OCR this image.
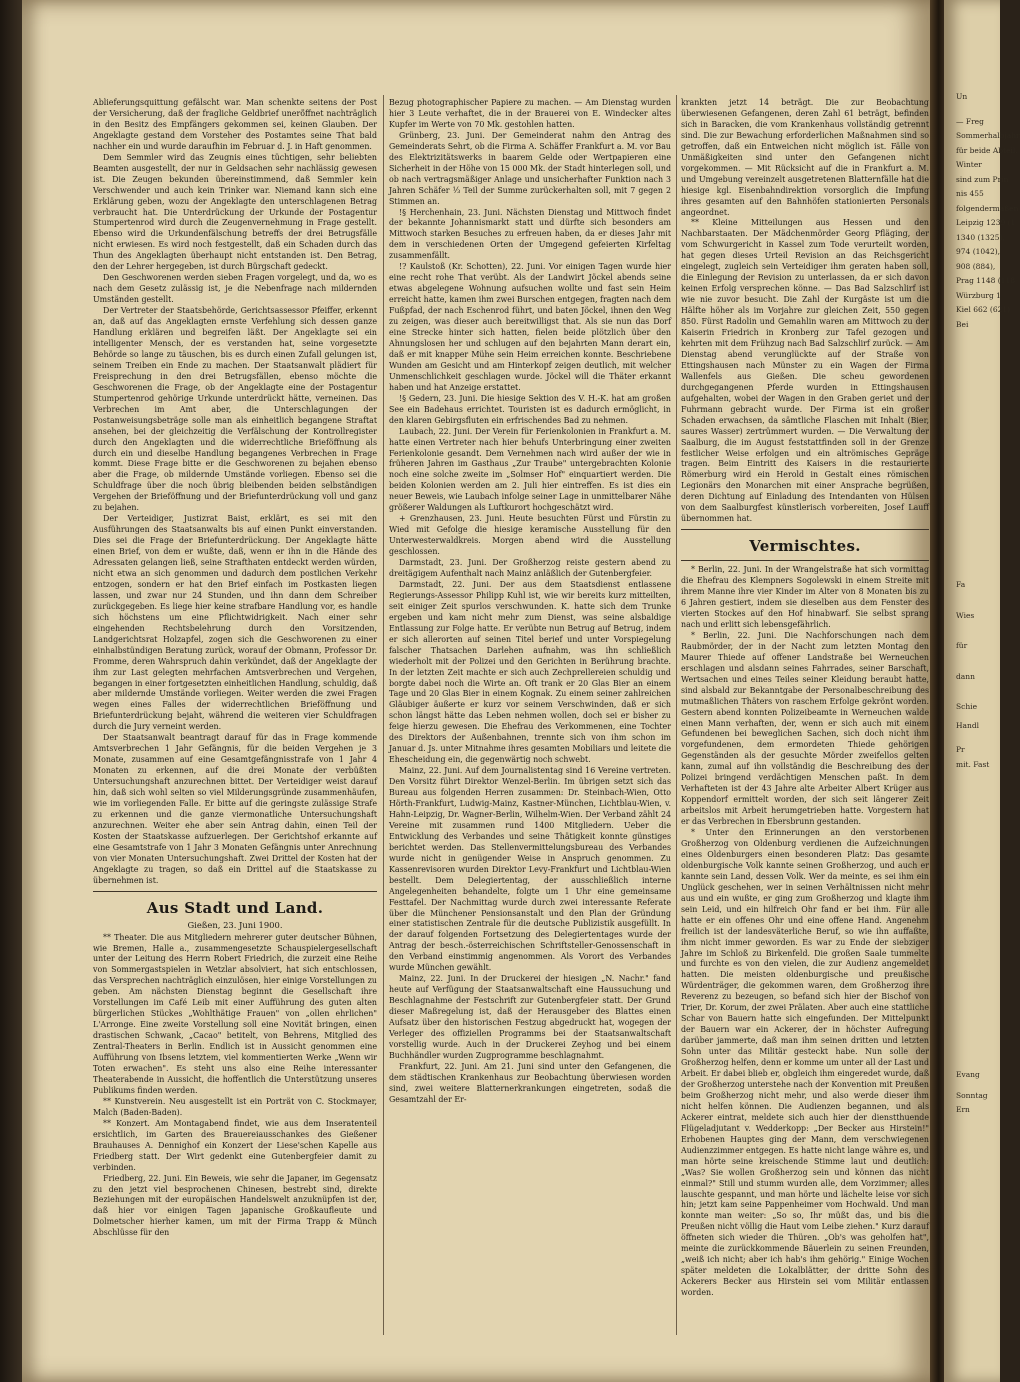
Ablieferungsquittung gefälscht war. Man schenkte seitens der Post der Versicherung, daß der fragliche Geldbrief unerö̈ffnet nachträglich in den Besitz des Empfängers gekommen sei, keinen Glauben. Der Angeklagte gestand dem Vorsteher des Postamtes seine That bald nachher ein und wurde daraufhin im Februar d. J. in Haft genommen.

Dem Semmler wird das Zeugnis eines tüchtigen, sehr beliebten Beamten ausgestellt, der nur in Geldsachen sehr nachlässig gewesen ist. Die Zeugen bekunden übereinstimmend, daß Semmler kein Verschwender und auch kein Trinker war. Niemand kann sich eine Erklärung geben, wozu der Angeklagte den unterschlagenen Betrag verbraucht hat. Die Unterdrückung der Urkunde der Postagentur Stumpertenrod wird durch die Zeugenvernehmung in Frage gestellt. Ebenso wird die Urkundenfälschung betreffs der drei Betrugsfälle nicht erwiesen. Es wird noch festgestellt, daß ein Schaden durch das Thun des Angeklagten überhaupt nicht entstanden ist. Den Betrag, den der Lehrer hergegeben, ist durch Bürgschaft gedeckt.

Den Geschworenen werden sieben Fragen vorgelegt, und da, wo es nach dem Gesetz zulässig ist, je die Nebenfrage nach mildernden Umständen gestellt.

Der Vertreter der Staatsbehörde, Gerichtsassessor Pfeiffer, erkennt an, daß auf das Angeklagten ernste Verfehlung sich dessen ganze Handlung erklären und begreifen läßt. Der Angeklagte sei ein intelligenter Mensch, der es verstanden hat, seine vorgesetzte Behörde so lange zu täuschen, bis es durch einen Zufall gelungen ist, seinem Treiben ein Ende zu machen. Der Staatsanwalt plädiert für Freisprechung in den drei Betrugsfällen, ebenso möchte die Geschworenen die Frage, ob der Angeklagte eine der Postagentur Stumpertenrod gehörige Urkunde unterdrückt hätte, verneinen. Das Verbrechen im Amt aber, die Unterschlagungen der Postanweisungsbeträge solle man als einheitlich begangene Straftat ansehen, bei der gleichzeitig die Verfälschung der Kontrollregister durch den Angeklagten und die widerrechtliche Brieföffnung als durch ein und dieselbe Handlung begangenes Verbrechen in Frage kommt. Diese Frage bitte er die Geschworenen zu bejahen ebenso aber die Frage, ob mildernde Umstände vorliegen. Ebenso sei die Schuldfrage über die noch übrig bleibenden beiden selbständigen Vergehen der Brieföffnung und der Briefunterdrückung voll und ganz zu bejahen.

Der Verteidiger, Justizrat Baist, erklärt, es sei mit den Ausführungen des Staatsanwalts bis auf einen Punkt einverstanden. Dies sei die Frage der Briefunterdrückung. Der Angeklagte hätte einen Brief, von dem er wußte, daß, wenn er ihn in die Hände des Adressaten gelangen ließ, seine Strafthaten entdeckt werden würden, nicht etwa an sich genommen und dadurch dem postlichen Verkehr entzogen, sondern er hat den Brief einfach im Postkasten liegen lassen, und zwar nur 24 Stunden, und ihn dann dem Schreiber zurückgegeben. Es liege hier keine strafbare Handlung vor, es handle sich höchstens um eine Pflichtwidrigkeit. Nach einer sehr eingehenden Rechtsbelehrung durch den Vorsitzenden, Landgerichtsrat Holzapfel, zogen sich die Geschworenen zu einer einhalbstündigen Beratung zurück, worauf der Obmann, Professor Dr. Fromme, deren Wahrspruch dahin verkündet, daß der Angeklagte der ihm zur Last gelegten mehrfachen Amtsverbrechen und Vergehen, begangen in einer fortgesetzten einheitlichen Handlung, schuldig, daß aber mildernde Umstände vorliegen. Weiter werden die zwei Fragen wegen eines Falles der widerrechtlichen Brieföffnung und Briefunterdrückung bejaht, während die weiteren vier Schuldfragen durch die Jury verneint werden.

Der Staatsanwalt beantragt darauf für das in Frage kommende Amtsverbrechen 1 Jahr Gefängnis, für die beiden Vergehen je 3 Monate, zusammen auf eine Gesamtgefängnisstrafe von 1 Jahr 4 Monaten zu erkennen, auf die drei Monate der verbüßten Untersuchungshaft anzurechnen bittet. Der Verteidiger weist darauf hin, daß sich wohl selten so viel Milderungsgründe zusammenhäufen, wie im vorliegenden Falle. Er bitte auf die geringste zulässige Strafe zu erkennen und die ganze viermonatliche Untersuchungshaft anzurechnen. Weiter ehe aber sein Antrag dahin, einen Teil der Kosten der Staatskasse aufzuerlegen. Der Gerichtshof erkannte auf eine Gesamtstrafe von 1 Jahr 3 Monaten Gefängnis unter Anrechnung von vier Monaten Untersuchungshaft. Zwei Drittel der Kosten hat der Angeklagte zu tragen, so daß ein Drittel auf die Staatskasse zu übernehmen ist.

Aus Stadt und Land.
Gießen, 23. Juni 1900.

** Theater. Die aus Mitgliedern mehrerer guter deutscher Bühnen, wie Bremen, Halle a., zusammengesetzte Schauspielergesellschaft unter der Leitung des Herrn Robert Friedrich, die zurzeit eine Reihe von Sommergastspielen in Wetzlar absolviert, hat sich entschlossen, das Versprechen nachträglich einzulösen, hier einige Vorstellungen zu geben. Am nächsten Dienstag beginnt die Gesellschaft ihre Vorstellungen im Café Leib mit einer Aufführung des guten alten bürgerlichen Stückes „Wohlthätige Frauen" von „ollen ehrlichen" L'Arronge. Eine zweite Vorstellung soll eine Novität bringen, einen drastischen Schwank, „Cacao" betitelt, von Behrens, Mitglied des Zentral-Theaters in Berlin. Endlich ist in Aussicht genommen eine Aufführung von Ibsens letztem, viel kommentierten Werke „Wenn wir Toten erwachen". Es steht uns also eine Reihe interessanter Theaterabende in Aussicht, die hoffentlich die Unterstützung unseres Publikums finden werden.

** Kunstverein. Neu ausgestellt ist ein Porträt von C. Stockmayer, Malch (Baden-Baden).

** Konzert. Am Montagabend findet, wie aus dem Inseratenteil ersichtlich, im Garten des Brauereiausschankes des Gießener Brauhauses A. Dennighof ein Konzert der Liese'schen Kapelle aus Friedberg statt. Der Wirt gedenkt eine Gutenbergfeier damit zu verbinden.

Friedberg, 22. Juni. Ein Beweis, wie sehr die Japaner, im Gegensatz zu den jetzt viel besprochenen Chinesen, bestrebt sind, direkte Beziehungen mit der europäischen Handelswelt anzuknüpfen ist der, daß hier vor einigen Tagen japanische Großkaufleute und Dolmetscher hierher kamen, um mit der Firma Trapp & Münch Abschlüsse für den

Bezug photographischer Papiere zu machen. — Am Dienstag wurden hier 3 Leute verhaftet, die in der Brauerei von E. Windecker altes Kupfer im Werte von 70 Mk. gestohlen hatten.

Grünberg, 23. Juni. Der Gemeinderat nahm den Antrag des Gemeinderats Sehrt, ob die Firma A. Schäffer Frankfurt a. M. vor Bau des Elektrizitätswerks in baarem Gelde oder Wertpapieren eine Sicherheit in der Höhe von 15 000 Mk. der Stadt hinterlegen soll, und ob nach vertragsmäßiger Anlage und unsicherhafter Funktion nach 3 Jahren Schäfer ⅓ Teil der Summe zurückerhalten soll, mit 7 gegen 2 Stimmen an.

!§ Herchenhain, 23. Juni. Nächsten Dienstag und Mittwoch findet der bekannte Johannismarkt statt und dürfte sich besonders am Mittwoch starken Besuches zu erfreuen haben, da er dieses Jahr mit dem in verschiedenen Orten der Umgegend gefeierten Kirfeltag zusammenfällt.

!? Kaulstoß (Kr. Schotten), 22. Juni. Vor einigen Tagen wurde hier eine recht rohe That verübt. Als der Landwirt Jöckel abends seine etwas abgelegene Wohnung aufsuchen wollte und fast sein Heim erreicht hatte, kamen ihm zwei Burschen entgegen, fragten nach dem Fußpfad, der nach Eschenrod führt, und baten Jöckel, ihnen den Weg zu zeigen, was dieser auch bereitwilligst that. Als sie nun das Dorf eine Strecke hinter sich hatten, fielen beide plötzlich über den Ahnungslosen her und schlugen auf den bejahrten Mann derart ein, daß er mit knapper Mühe sein Heim erreichen konnte. Beschriebene Wunden am Gesicht und am Hinterkopf zeigen deutlich, mit welcher Unmenschlichkeit geschlagen wurde. Jöckel will die Thäter erkannt haben und hat Anzeige erstattet.

!§ Gedern, 23. Juni. Die hiesige Sektion des V. H.-K. hat am großen See ein Badehaus errichtet. Touristen ist es dadurch ermöglicht, in den klaren Gebirgsfluten ein erfrischendes Bad zu nehmen.

Laubach, 22. Juni. Der Verein für Ferienkolonien in Frankfurt a. M. hatte einen Vertreter nach hier behufs Unterbringung einer zweiten Ferienkolonie gesandt. Dem Vernehmen nach wird außer der wie in früheren Jahren im Gasthaus „Zur Traube" untergebrachten Kolonie noch eine solche zweite im „Solmser Hof" einquartiert werden. Die beiden Kolonien werden am 2. Juli hier eintreffen. Es ist dies ein neuer Beweis, wie Laubach infolge seiner Lage in unmittelbarer Nähe größerer Waldungen als Luftkurort hochgeschätzt wird.

+ Grenzhausen, 23. Juni. Heute besuchten Fürst und Fürstin zu Wied mit Gefolge die hiesige keramische Ausstellung für den Unterwesterwaldkreis. Morgen abend wird die Ausstellung geschlossen.

Darmstadt, 23. Juni. Der Großherzog reiste gestern abend zu dreitägigem Aufenthalt nach Mainz anläßlich der Gutenbergfeier.

Darmstadt, 22. Juni. Der aus dem Staatsdienst entlassene Regierungs-Assessor Philipp Kuhl ist, wie wir bereits kurz mitteilten, seit einiger Zeit spurlos verschwunden. K. hatte sich dem Trunke ergeben und kam nicht mehr zum Dienst, was seine alsbaldige Entlassung zur Folge hatte. Er verübte nun Betrug auf Betrug, indem er sich allerorten auf seinen Titel berief und unter Vorspiegelung falscher Thatsachen Darlehen aufnahm, was ihn schließlich wiederholt mit der Polizei und den Gerichten in Berührung brachte. In der letzten Zeit machte er sich auch Zechprellereien schuldig und borgte dabei noch die Wirte an. Oft trank er 20 Glas Bier an einem Tage und 20 Glas Bier in einem Kognak. Zu einem seiner zahlreichen Gläubiger äußerte er kurz vor seinem Verschwinden, daß er sich schon längst hätte das Leben nehmen wollen, doch sei er bisher zu feige hierzu gewesen. Die Ehefrau des Verkommenen, eine Tochter des Direktors der Außenbahnen, trennte sich von ihm schon im Januar d. Js. unter Mitnahme ihres gesamten Mobiliars und leitete die Ehescheidung ein, die gegenwärtig noch schwebt.

Mainz, 22. Juni. Auf dem Journalistentag sind 16 Vereine vertreten. Den Vorsitz führt Direktor Wenzel-Berlin. Im übrigen setzt sich das Bureau aus folgenden Herren zusammen: Dr. Steinbach-Wien, Otto Hörth-Frankfurt, Ludwig-Mainz, Kastner-München, Lichtblau-Wien, v. Hahn-Leipzig, Dr. Wagner-Berlin, Wilhelm-Wien. Der Verband zählt 24 Vereine mit zusammen rund 1400 Mitgliedern. Ueber die Entwicklung des Verbandes und seine Thätigkeit konnte günstiges berichtet werden. Das Stellenvermittelungsbureau des Verbandes wurde nicht in genügender Weise in Anspruch genommen. Zu Kassenrevisoren wurden Direktor Levy-Frankfurt und Lichtblau-Wien bestellt. Dem Delegiertentag, der ausschließlich interne Angelegenheiten behandelte, folgte um 1 Uhr eine gemeinsame Festtafel. Der Nachmittag wurde durch zwei interessante Referate über die Münchener Pensionsanstalt und den Plan der Gründung einer statistischen Zentrale für die deutsche Publizistik ausgefüllt. In der darauf folgenden Fortsetzung des Delegiertentages wurde der Antrag der besch.-österreichischen Schriftsteller-Genossenschaft in den Verband einstimmig angenommen. Als Vorort des Verbandes wurde München gewählt.

Mainz, 22. Juni. In der Druckerei der hiesigen „N. Nachr." fand heute auf Verfügung der Staatsanwaltschaft eine Haussuchung und Beschlagnahme der Festschrift zur Gutenbergfeier statt. Der Grund dieser Maßregelung ist, daß der Herausgeber des Blattes einen Aufsatz über den historischen Festzug abgedruckt hat, wogegen der Verleger des offiziellen Programms bei der Staatsanwaltschaft vorstellig wurde. Auch in der Druckerei Zeyhog und bei einem Buchhändler wurden Zugprogramme beschlagnahmt.

Frankfurt, 22. Juni. Am 21. Juni sind unter den Gefangenen, die dem städtischen Krankenhaus zur Beobachtung überwiesen worden sind, zwei weitere Blatternerkrankungen eingetreten, sodaß die Gesamtzahl der Er-

krankten jetzt 14 beträgt. Die zur Beobachtung überwiesenen Gefangenen, deren Zahl 61 beträgt, befinden sich in Baracken, die vom Krankenhaus vollständig getrennt sind. Die zur Bewachung erforderlichen Maßnahmen sind so getroffen, daß ein Entweichen nicht möglich ist. Fälle von Unmäßigkeiten sind unter den Gefangenen nicht vorgekommen. — Mit Rücksicht auf die in Frankfurt a. M. und Umgebung vereinzelt ausgetretenen Blatternfälle hat die hiesige kgl. Eisenbahndirektion vorsorglich die Impfung ihres gesamten auf den Bahnhöfen stationierten Personals angeordnet.

** Kleine Mitteilungen aus Hessen und den Nachbarstaaten. Der Mädchenmörder Georg Pfläging, der vom Schwurgericht in Kassel zum Tode verurteilt worden, hat gegen dieses Urteil Revision an das Reichsgericht eingelegt, zugleich sein Verteidiger ihm geraten haben soll, die Einlegung der Revision zu unterlassen, da er sich davon keinen Erfolg versprechen könne. — Das Bad Salzschlirf ist wie nie zuvor besucht. Die Zahl der Kurgäste ist um die Hälfte höher als im Vorjahre zur gleichen Zeit, 550 gegen 850. Fürst Radolin und Gemahlin waren am Mittwoch zu der Kaiserin Friedrich in Kronberg zur Tafel gezogen und kehrten mit dem Frühzug nach Bad Salzschlirf zurück. — Am Dienstag abend verunglückte auf der Straße von Ettingshausen nach Münster zu ein Wagen der Firma Wallenfels aus Gießen. Die scheu gewordenen durchgegangenen Pferde wurden in Ettingshausen aufgehalten, wobei der Wagen in den Graben geriet und der Fuhrmann gebracht wurde. Der Firma ist ein großer Schaden erwachsen, da sämtliche Flaschen mit Inhalt (Bier, saures Wasser) zertrümmert wurden. — Die Verwaltung der Saalburg, die im August feststattfinden soll in der Grenze festlicher Weise erfolgen und ein altrömisches Gepräge tragen. Beim Eintritt des Kaisers in die restaurierte Römerburg wird ein Herold in Gestalt eines römischen Legionärs den Monarchen mit einer Ansprache begrüßen, deren Dichtung auf Einladung des Intendanten von Hülsen von dem Saalburgfest künstlerisch vorbereiten, Josef Lauff übernommen hat.

Vermischtes.

* Berlin, 22. Juni. In der Wrangelstraße hat sich vormittag die Ehefrau des Klempners Sogolewski in einem Streite mit ihrem Manne ihre vier Kinder im Alter von 8 Monaten bis zu 6 Jahren gestiert, indem sie dieselben aus dem Fenster des vierten Stockes auf den Hof hinabwarf. Sie selbst sprang nach und erlitt sich lebensgefährlich.

* Berlin, 22. Juni. Die Nachforschungen nach dem Raubmörder, der in der Nacht zum letzten Montag den Maurer Thiede auf offener Landstraße bei Werneuchen erschlagen und alsdann seines Fahrrades, seiner Barschaft, Wertsachen und eines Teiles seiner Kleidung beraubt hatte, sind alsbald zur Bekanntgabe der Personalbeschreibung des mutmaßlichen Thäters von raschem Erfolge gekrönt worden. Gestern abend konnten Polizeibeamte in Werneuchen walde einen Mann verhaften, der, wenn er sich auch mit einem Gefundenen bei beweglichen Sachen, sich doch nicht ihm vorgefundenen, dem ermordeten Thiede gehörigen Gegenständen als der gesuchte Mörder zweifellos gelten kann, zumal auf ihn vollständig die Beschreibung des der Polizei bringend verdächtigen Menschen paßt. In dem Verhafteten ist der 43 Jahre alte Arbeiter Albert Krüger aus Koppendorf ermittelt worden, der sich seit längerer Zeit arbeitslos mit Arbeit herumgetrieben hatte. Vorgestern hat er das Verbrechen in Ebersbrunn gestanden.

* Unter den Erinnerungen an den verstorbenen Großherzog von Oldenburg verdienen die Aufzeichnungen eines Oldenburgers einen besonderen Platz: Das gesamte oldenburgische Volk kannte seinen Großherzog, und auch er kannte sein Land, dessen Volk. Wer da meinte, es sei ihm ein Unglück geschehen, wer in seinen Verhältnissen nicht mehr aus und ein wußte, er ging zum Großherzog und klagte ihm sein Leid, und ein hilfreich Ohr fand er bei ihm. Für alle hatte er ein offenes Ohr und eine offene Hand. Angenehm freilich ist der landesväterliche Beruf, so wie ihn auffaßte, ihm nicht immer geworden. Es war zu Ende der siebziger Jahre im Schloß zu Birkenfeld. Die großen Saale tummelte und furchte es von den vielen, die zur Audienz angemeldet hatten. Die meisten oldenburgische und preußische Würdenträger, die gekommen waren, dem Großherzog ihre Reverenz zu bezeugen, so befand sich hier der Bischof von Trier, Dr. Korum, der zwei Prälaten. Aber auch eine stattliche Schar von Bauern hatte sich eingefunden. Der Mittelpunkt der Bauern war ein Ackerer, der in höchster Aufregung darüber jammerte, daß man ihm seinen dritten und letzten Sohn unter das Militär gesteckt habe. Nun solle der Großherzog helfen, denn er komme um unter all der Last und Arbeit. Er dabei blieb er, obgleich ihm eingeredet wurde, daß der Großherzog unterstehe nach der Konvention mit Preußen beim Großherzog nicht mehr, und also werde dieser ihm nicht helfen können. Die Audienzen begannen, und als Ackerer eintrat, meldete sich auch hier der dienstthuende Flügeladjutant v. Wedderkopp: „Der Becker aus Hirstein!" Erhobenen Hauptes ging der Mann, dem verschwiegenen Audienzzimmer entgegen. Es hatte nicht lange währe es, und man hörte seine kreischende Stimme laut und deutlich: „Was? Sie wollen Großherzog sein und können das nicht einmal?" Still und stumm wurden alle, dem Vorzimmer; alles lauschte gespannt, und man hörte und lächelte leise vor sich hin; jetzt kam seine Pappenheimer vom Hochwald. Und man konnte man weiter: „So so, Ihr müßt das, und bis die Preußen nicht völlig die Haut vom Leibe ziehen." Kurz darauf öffneten sich wieder die Thüren. „Ob's was geholfen hat", meinte die zurückkommende Bäuerlein zu seinen Freunden, „weiß ich nicht; aber ich hab's ihm gehörig." Einige Wochen später meldeten die Lokalblätter, der dritte Sohn des Ackerers Becker aus Hirstein sei vom Militär entlassen worden.

Un
— Freg
Sommerhalbjahr
für beide Abteil.
Winter
sind zum Prin
nis 455
folgendermaßen
Leipzig 1239 (1
1340 (1325),
974 (1042),
908 (884),
Prag 1148 (118
Würzburg 1
Kiel 662 (621)
Bei
Fa
Wies
für
dann
Schie
Handl
Pr
mit. Fast
Evang
Sonntag
Ern
